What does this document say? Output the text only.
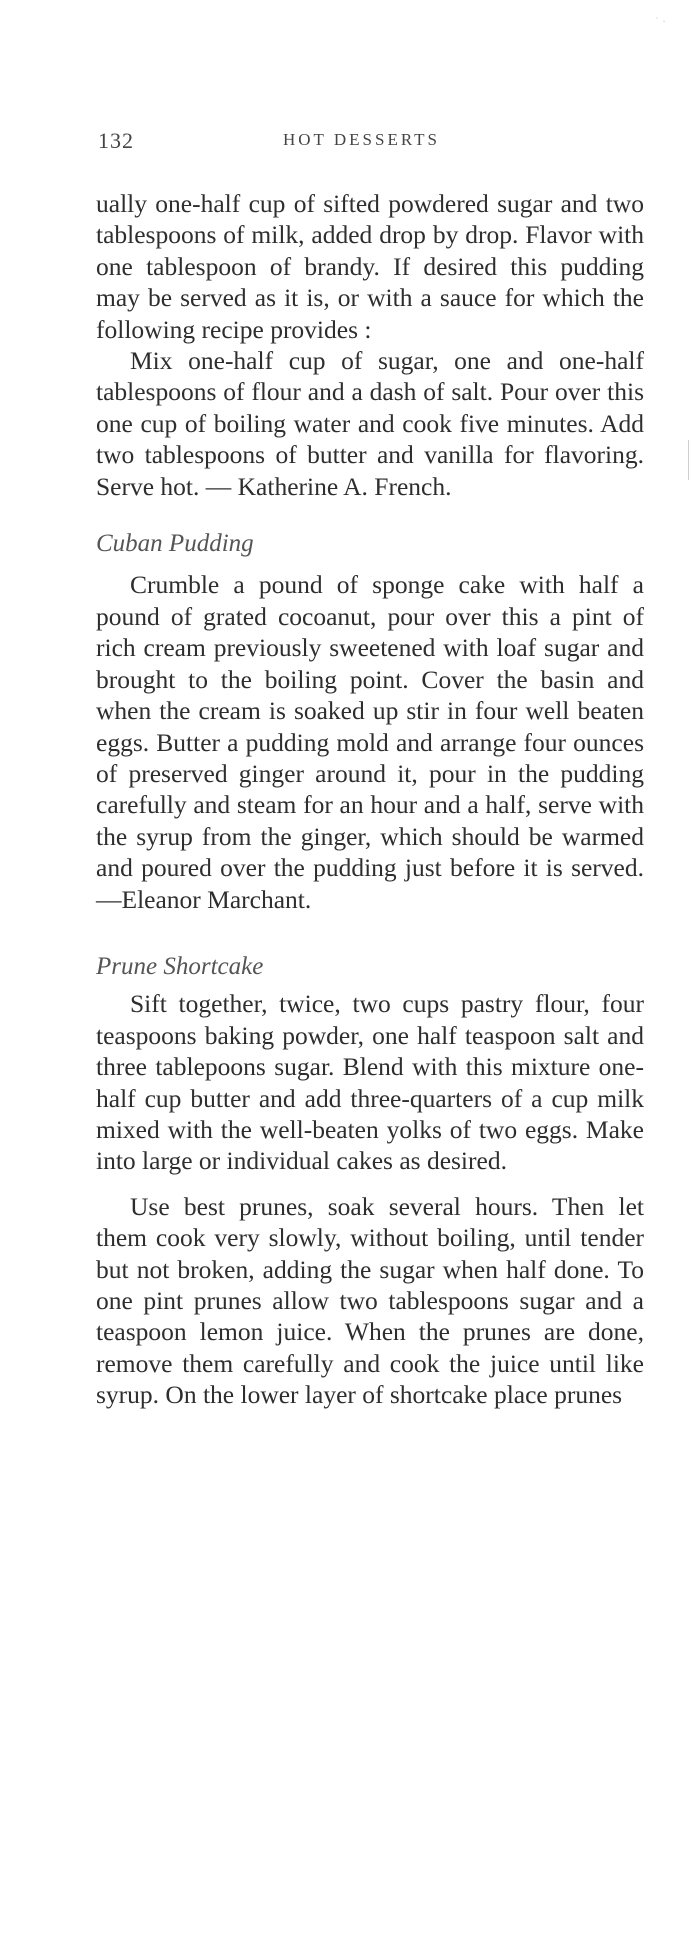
˙ ·
132	HOT DESSERTS

ually one-half cup of sifted powdered sugar and two tablespoons of milk, added drop by drop. Flavor with one tablespoon of brandy. If desired this pudding may be served as it is, or with a sauce for which the following recipe provides :

Mix one-half cup of sugar, one and one-half tablespoons of flour and a dash of salt. Pour over this one cup of boiling water and cook five minutes. Add two tablespoons of butter and vanilla for flavoring. Serve hot. — Katherine A. French.

Cuban Pudding

Crumble a pound of sponge cake with half a pound of grated cocoanut, pour over this a pint of rich cream previously sweetened with loaf sugar and brought to the boiling point. Cover the basin and when the cream is soaked up stir in four well beaten eggs. Butter a pudding mold and arrange four ounces of preserved ginger around it, pour in the pudding carefully and steam for an hour and a half, serve with the syrup from the ginger, which should be warmed and poured over the pudding just before it is served.—Eleanor Marchant.

Prune Shortcake

Sift together, twice, two cups pastry flour, four teaspoons baking powder, one half teaspoon salt and three tablepoons sugar. Blend with this mixture one-half cup butter and add three-quarters of a cup milk mixed with the well-beaten yolks of two eggs. Make into large or individual cakes as desired.

Use best prunes, soak several hours. Then let them cook very slowly, without boiling, until tender but not broken, adding the sugar when half done. To one pint prunes allow two tablespoons sugar and a teaspoon lemon juice. When the prunes are done, remove them carefully and cook the juice until like syrup. On the lower layer of shortcake place prunes
